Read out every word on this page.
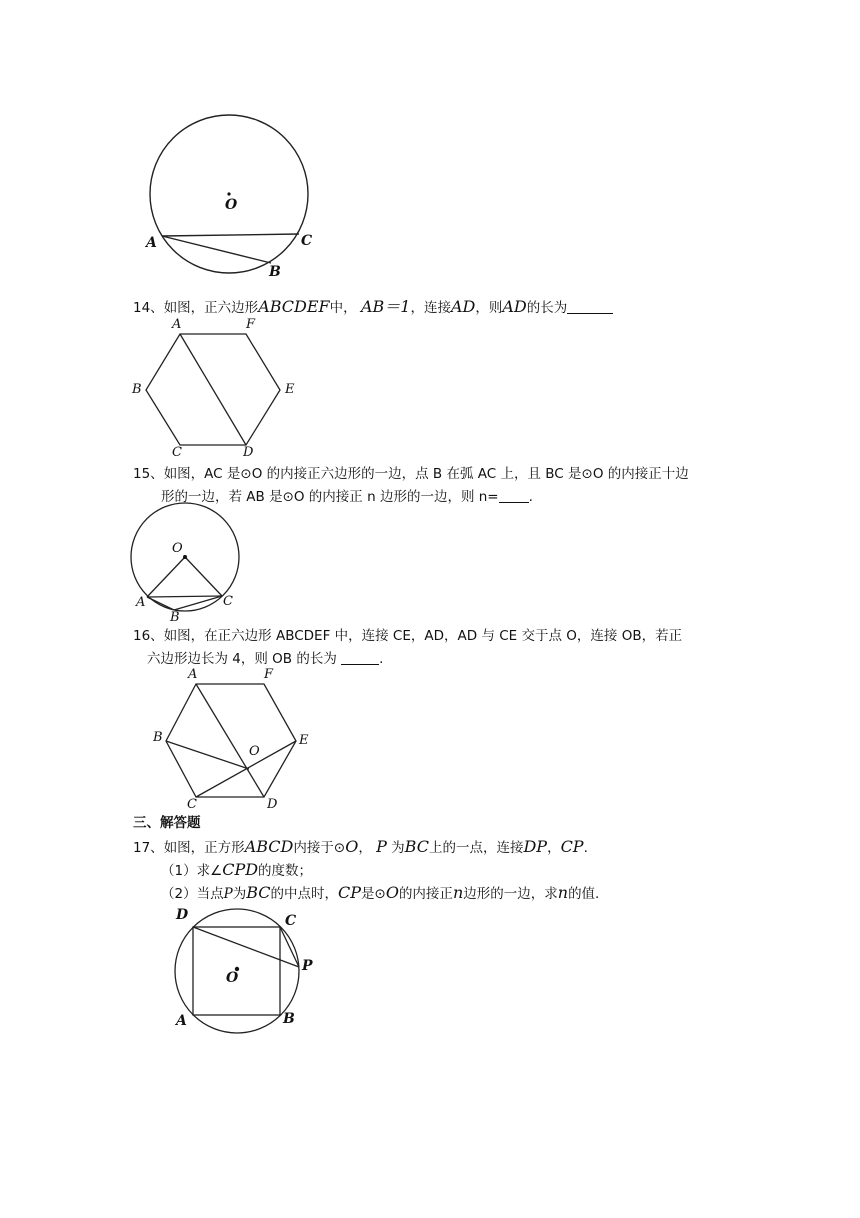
O
A	C
B
14、如图，正六边形ABCDEF中， AB＝1，连接AD，则AD的长为
A	F
B	E
C	D
15、如图，AC 是⊙O 的内接正六边形的一边，点 B 在弧 AC 上，且 BC 是⊙O 的内接正十边
形的一边，若 AB 是⊙O 的内接正 n 边形的一边，则 n= .
O
A
B
C
16、如图，在正六边形 ABCDEF 中，连接 CE，AD，AD 与 CE 交于点 O，连接 OB，若正
六边形边长为 4，则 OB 的长为	.
A	F
B	E
O
C	D
三、解答题
17、如图，正方形ABCD内接于⊙O， P 为BC上的一点，连接DP，CP.
（1）求∠CPD的度数；
（2）当点P为BC的中点时，CP是⊙O的内接正n边形的一边，求n的值.
D	C
P
O
A	B
